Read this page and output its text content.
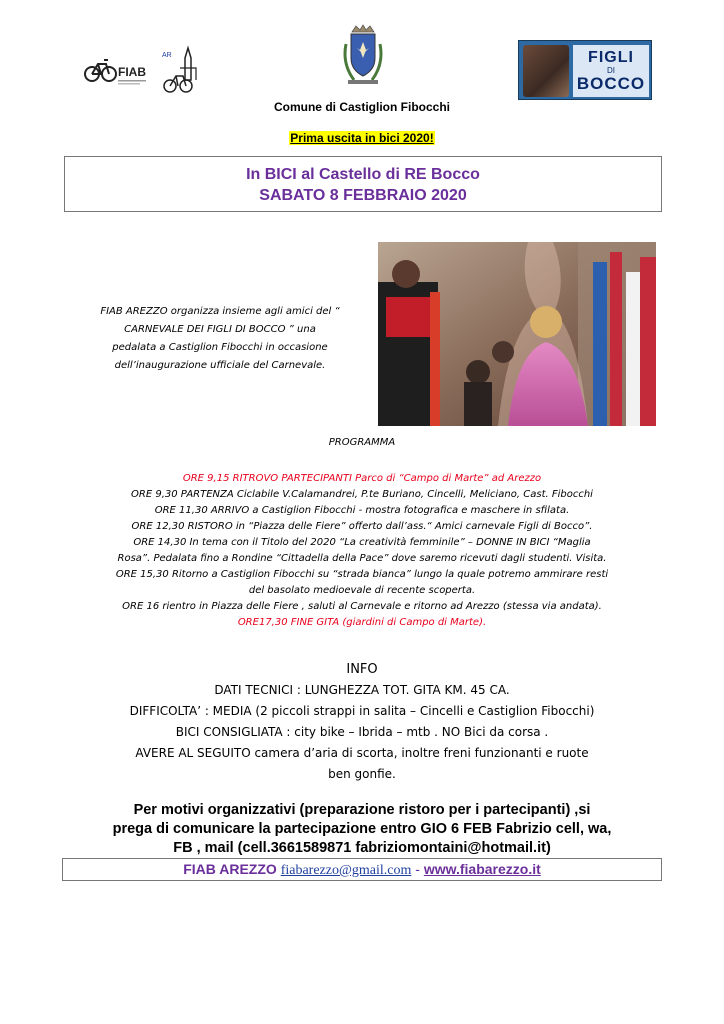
FIAB
AR	FIGLI
DI
BOCCO
Comune di Castiglion Fibocchi
Prima uscita in bici 2020!
In BICI al Castello di RE Bocco
SABATO 8 FEBBRAIO 2020
FIAB AREZZO organizza insieme agli amici del “
CARNEVALE DEI FIGLI DI BOCCO ” una
pedalata a Castiglion Fibocchi in occasione
dell’inaugurazione ufficiale del Carnevale.
PROGRAMMA
ORE 9,15 RITROVO PARTECIPANTI Parco di “Campo di Marte” ad Arezzo
ORE 9,30 PARTENZA Ciclabile V.Calamandrei, P.te Buriano, Cincelli, Meliciano, Cast. Fibocchi
ORE 11,30 ARRIVO a Castiglion Fibocchi - mostra fotografica e maschere in sfilata.
ORE 12,30 RISTORO in “Piazza delle Fiere” offerto dall’ass.“ Amici carnevale Figli di Bocco”.
ORE 14,30 In tema con il Titolo del 2020 “La creatività femminile” – DONNE IN BICI “Maglia
Rosa”. Pedalata fino a Rondine “Cittadella della Pace” dove saremo ricevuti dagli studenti. Visita.
ORE 15,30 Ritorno a Castiglion Fibocchi su “strada bianca” lungo la quale potremo ammirare resti
del basolato medioevale di recente scoperta.
ORE 16 rientro in Piazza delle Fiere , saluti al Carnevale e ritorno ad Arezzo (stessa via andata).
ORE17,30 FINE GITA (giardini di Campo di Marte).
INFO
DATI TECNICI : LUNGHEZZA TOT. GITA KM. 45 CA.
DIFFICOLTA’ : MEDIA (2 piccoli strappi in salita – Cincelli e Castiglion Fibocchi)
BICI CONSIGLIATA : city bike – Ibrida – mtb . NO Bici da corsa .
AVERE AL SEGUITO camera d’aria di scorta, inoltre freni funzionanti e ruote
ben gonfie.
Per motivi organizzativi (preparazione ristoro per i partecipanti) ,si
prega di comunicare la partecipazione entro GIO 6 FEB Fabrizio cell, wa,
FB , mail (cell.3661589871 fabriziomontaini@hotmail.it)
FIAB AREZZO fiabarezzo@gmail.com - www.fiabarezzo.it
